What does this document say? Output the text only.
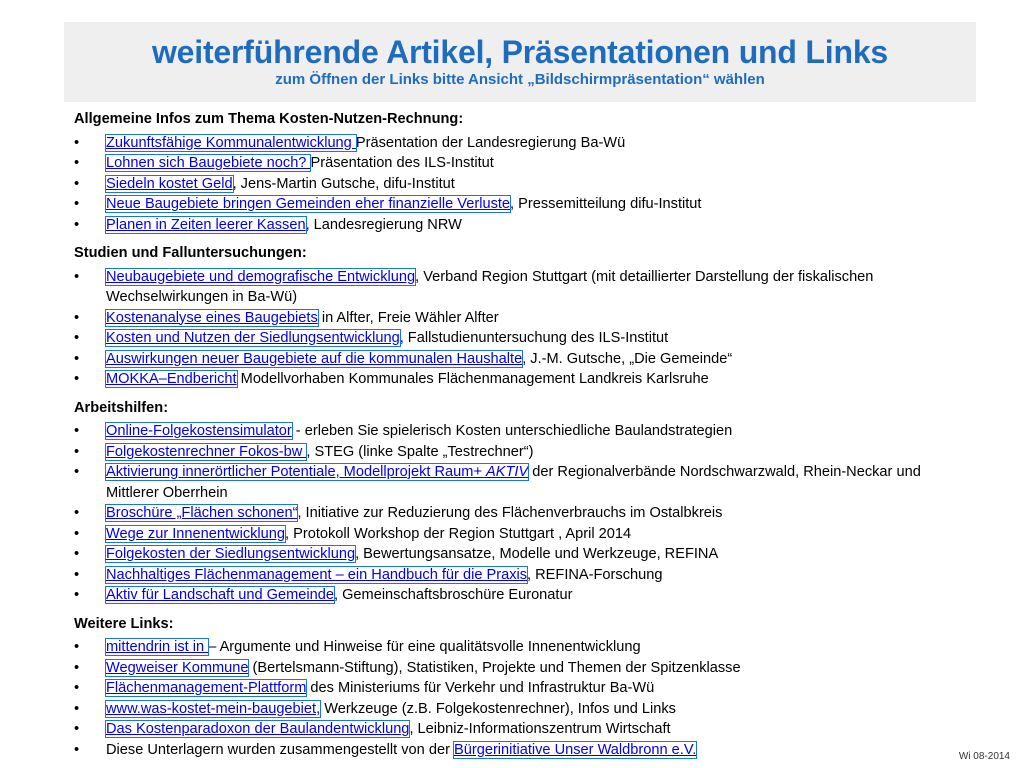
weiterführende Artikel, Präsentationen und Links

zum Öffnen der Links bitte Ansicht „Bildschirmpräsentation“ wählen

Allgemeine Infos zum Thema Kosten-Nutzen-Rechnung:
•	Zukunftsfähige Kommunalentwicklung Präsentation der Landesregierung Ba-Wü
•	Lohnen sich Baugebiete noch? Präsentation des ILS-Institut
•	Siedeln kostet Geld, Jens-Martin Gutsche, difu-Institut
•	Neue Baugebiete bringen Gemeinden eher finanzielle Verluste, Pressemitteilung difu-Institut
•	Planen in Zeiten leerer Kassen, Landesregierung NRW
Studien und Falluntersuchungen:
•	Neubaugebiete und demografische Entwicklung, Verband Region Stuttgart (mit detaillierter Darstellung der fiskalischen Wechselwirkungen in Ba-Wü)
•	Kostenanalyse eines Baugebiets in Alfter, Freie Wähler Alfter
•	Kosten und Nutzen der Siedlungsentwicklung, Fallstudienuntersuchung des ILS-Institut
•	Auswirkungen neuer Baugebiete auf die kommunalen Haushalte, J.-M. Gutsche, „Die Gemeinde“
•	MOKKA–Endbericht Modellvorhaben Kommunales Flächenmanagement Landkreis Karlsruhe
Arbeitshilfen:
•	Online-Folgekostensimulator - erleben Sie spielerisch Kosten unterschiedliche Baulandstrategien
•	Folgekostenrechner Fokos-bw , STEG (linke Spalte „Testrechner“)
•	Aktivierung innerörtlicher Potentiale, Modellprojekt Raum+ AKTIV der Regionalverbände Nordschwarzwald, Rhein-Neckar und Mittlerer Oberrhein
•	Broschüre „Flächen schonen“, Initiative zur Reduzierung des Flächenverbrauchs im Ostalbkreis
•	Wege zur Innenentwicklung, Protokoll Workshop der Region Stuttgart , April 2014
•	Folgekosten der Siedlungsentwicklung, Bewertungsansatze, Modelle und Werkzeuge, REFINA
•	Nachhaltiges Flächenmanagement – ein Handbuch für die Praxis, REFINA-Forschung
•	Aktiv für Landschaft und Gemeinde, Gemeinschaftsbroschüre Euronatur
Weitere Links:
•	mittendrin ist in – Argumente und Hinweise für eine qualitätsvolle Innenentwicklung
•	Wegweiser Kommune (Bertelsmann-Stiftung), Statistiken, Projekte und Themen der Spitzenklasse
•	Flächenmanagement-Plattform des Ministeriums für Verkehr und Infrastruktur Ba-Wü
•	www.was-kostet-mein-baugebiet, Werkzeuge (z.B. Folgekostenrechner), Infos und Links
•	Das Kostenparadoxon der Baulandentwicklung, Leibniz-Informationszentrum Wirtschaft
•	Diese Unterlagern wurden zusammengestellt von der Bürgerinitiative Unser Waldbronn e.V.	Wi 08-2014
